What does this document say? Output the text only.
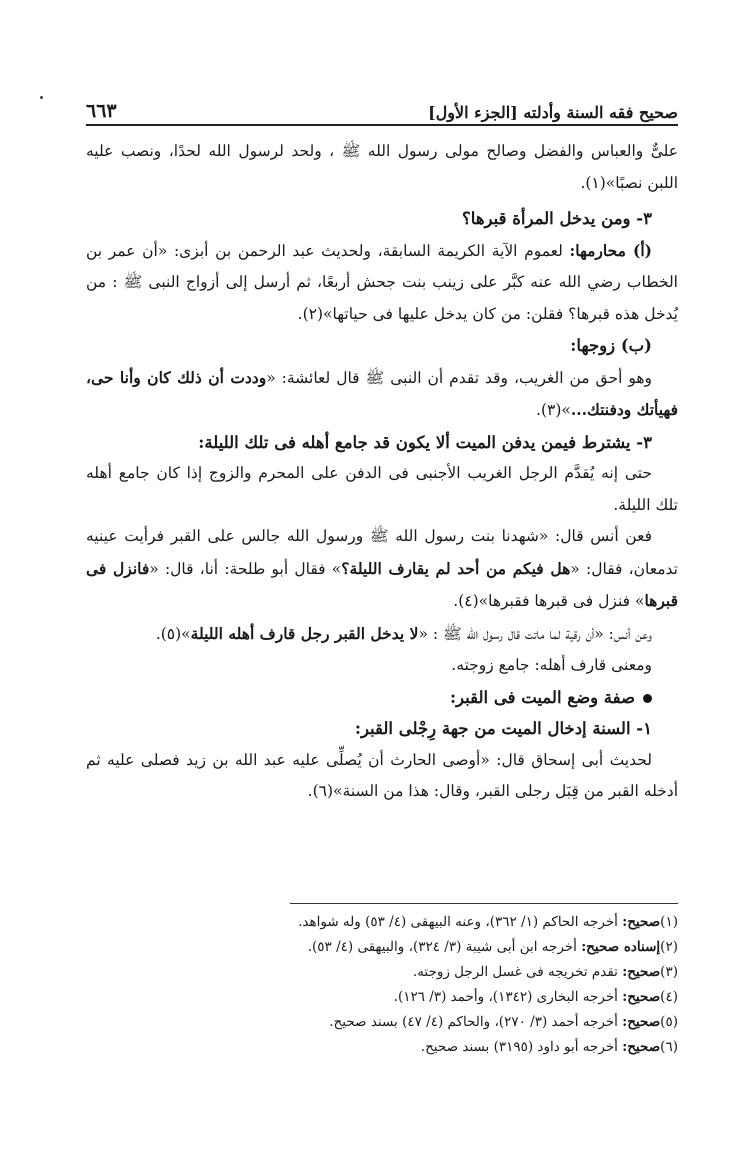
٦٦٣	صحيح فقه السنة وأدلته [الجزء الأول]

علىٌّ والعباس والفضل وصالح مولى رسول الله ﷺ ، ولحد لرسول الله لحدًا، ونصب عليه اللبن نصبًا»(١).

٣- ومن يدخل المرأة قبرها؟

(أ) محارمها: لعموم الآية الكريمة السابقة، ولحديث عبد الرحمن بن أبزى: «أن عمر بن الخطاب رضي الله عنه كبَّر على زينب بنت جحش أربعًا، ثم أرسل إلى أزواج النبى ﷺ : من يُدخل هذه قبرها؟ فقلن: من كان يدخل عليها فى حياتها»(٢).

(ب) زوجها:

وهو أحق من الغريب، وقد تقدم أن النبى ﷺ قال لعائشة: «وددت أن ذلك كان وأنا حى، فهيأتك ودفنتك...»(٣).

٣- يشترط فيمن يدفن الميت ألا يكون قد جامع أهله فى تلك الليلة:

حتى إنه يُقدَّم الرجل الغريب الأجنبى فى الدفن على المحرم والزوج إذا كان جامع أهله تلك الليلة.

فعن أنس قال: «شهدنا بنت رسول الله ﷺ ورسول الله جالس على القبر فرأيت عينيه تدمعان، فقال: «هل فيكم من أحد لم يقارف الليلة؟» فقال أبو طلحة: أنا، قال: «فانزل فى قبرها» فنزل فى قبرها فقبرها»(٤).

وعن أنس: «أن رقية لما ماتت قال رسول الله ﷺ : «لا يدخل القبر رجل قارف أهله الليلة»(٥).

ومعنى قارف أهله: جامع زوجته.

صفة وضع الميت فى القبر:

١- السنة إدخال الميت من جهة رِجْلى القبر:

لحديث أبى إسحاق قال: «أوصى الحارث أن يُصلِّى عليه عبد الله بن زيد فصلى عليه ثم أدخله القبر من قِبَل رجلى القبر، وقال: هذا من السنة»(٦).

(١)صحيح: أخرجه الحاكم (١/ ٣٦٢)، وعنه البيهقى (٤/ ٥٣) وله شواهد.
(٢)إسناده صحيح: أخرجه ابن أبى شيبة (٣/ ٣٢٤)، والبيهقى (٤/ ٥٣).
(٣)صحيح: تقدم تخريجه فى غسل الرجل زوجته.
(٤)صحيح: أخرجه البخارى (١٣٤٢)، وأحمد (٣/ ١٢٦).
(٥)صحيح: أخرجه أحمد (٣/ ٢٧٠)، والحاكم (٤/ ٤٧) بسند صحيح.
(٦)صحيح: أخرجه أبو داود (٣١٩٥) بسند صحيح.
